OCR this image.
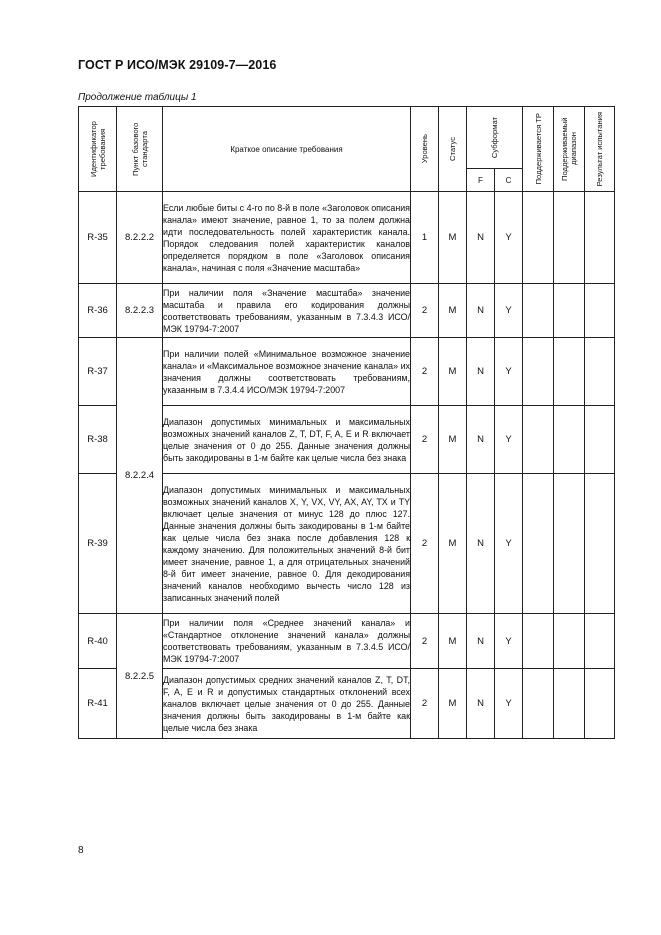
ГОСТ Р ИСО/МЭК 29109-7—2016
Продолжение таблицы 1
Идентификатор требования	Пункт базового стандарта	Краткое описание требования	Уровень	Статус	Субформат		Поддерживается ТР	Поддерживаемый диапазон	Результат испытания

					F	C			
R-35	8.2.2.2	Если любые биты с 4-го по 8-й в поле «Заголовок описания канала» имеют значение, равное 1, то за полем должна идти последовательность полей характеристик канала. Порядок следования полей характеристик каналов определяется порядком в поле «Заголовок описания канала», начиная с поля «Значение масштаба»	1	M	N	Y			
R-36	8.2.2.3	При наличии поля «Значение масштаба» значение масштаба и правила его кодирования должны соответствовать требованиям, указанным в 7.3.4.3 ИСО/МЭК 19794-7:2007	2	M	N	Y			
R-37	8.2.2.4	При наличии полей «Минимальное возможное значение канала» и «Максимальное возможное значение канала» их значения должны соответствовать требованиям, указанным в 7.3.4.4 ИСО/МЭК 19794-7:2007	2	M	N	Y			
R-38		Диапазон допустимых минимальных и максимальных возможных значений каналов Z, T, DT, F, A, E и R включает целые значения от 0 до 255. Данные значения должны быть закодированы в 1-м байте как целые числа без знака	2	M	N	Y			
R-39		Диапазон допустимых минимальных и максимальных возможных значений каналов X, Y, VX, VY, AX, AY, TX и TY включает целые значения от минус 128 до плюс 127. Данные значения должны быть закодированы в 1-м байте как целые числа без знака после добавления 128 к каждому значению. Для положительных значений 8-й бит имеет значение, равное 1, а для отрицательных значений 8-й бит имеет значение, равное 0. Для декодирования значений каналов необходимо вычесть число 128 из записанных значений полей	2	M	N	Y			
R-40	8.2.2.5	При наличии поля «Среднее значений канала» и «Стандартное отклонение значений канала» должны соответствовать требованиям, указанным в 7.3.4.5 ИСО/МЭК 19794-7:2007	2	M	N	Y			
R-41		Диапазон допустимых средних значений каналов Z, T, DT, F, A, E и R и допустимых стандартных отклонений всех каналов включает целые значения от 0 до 255. Данные значения должны быть закодированы в 1-м байте как целые числа без знака	2	M	N	Y			
8
